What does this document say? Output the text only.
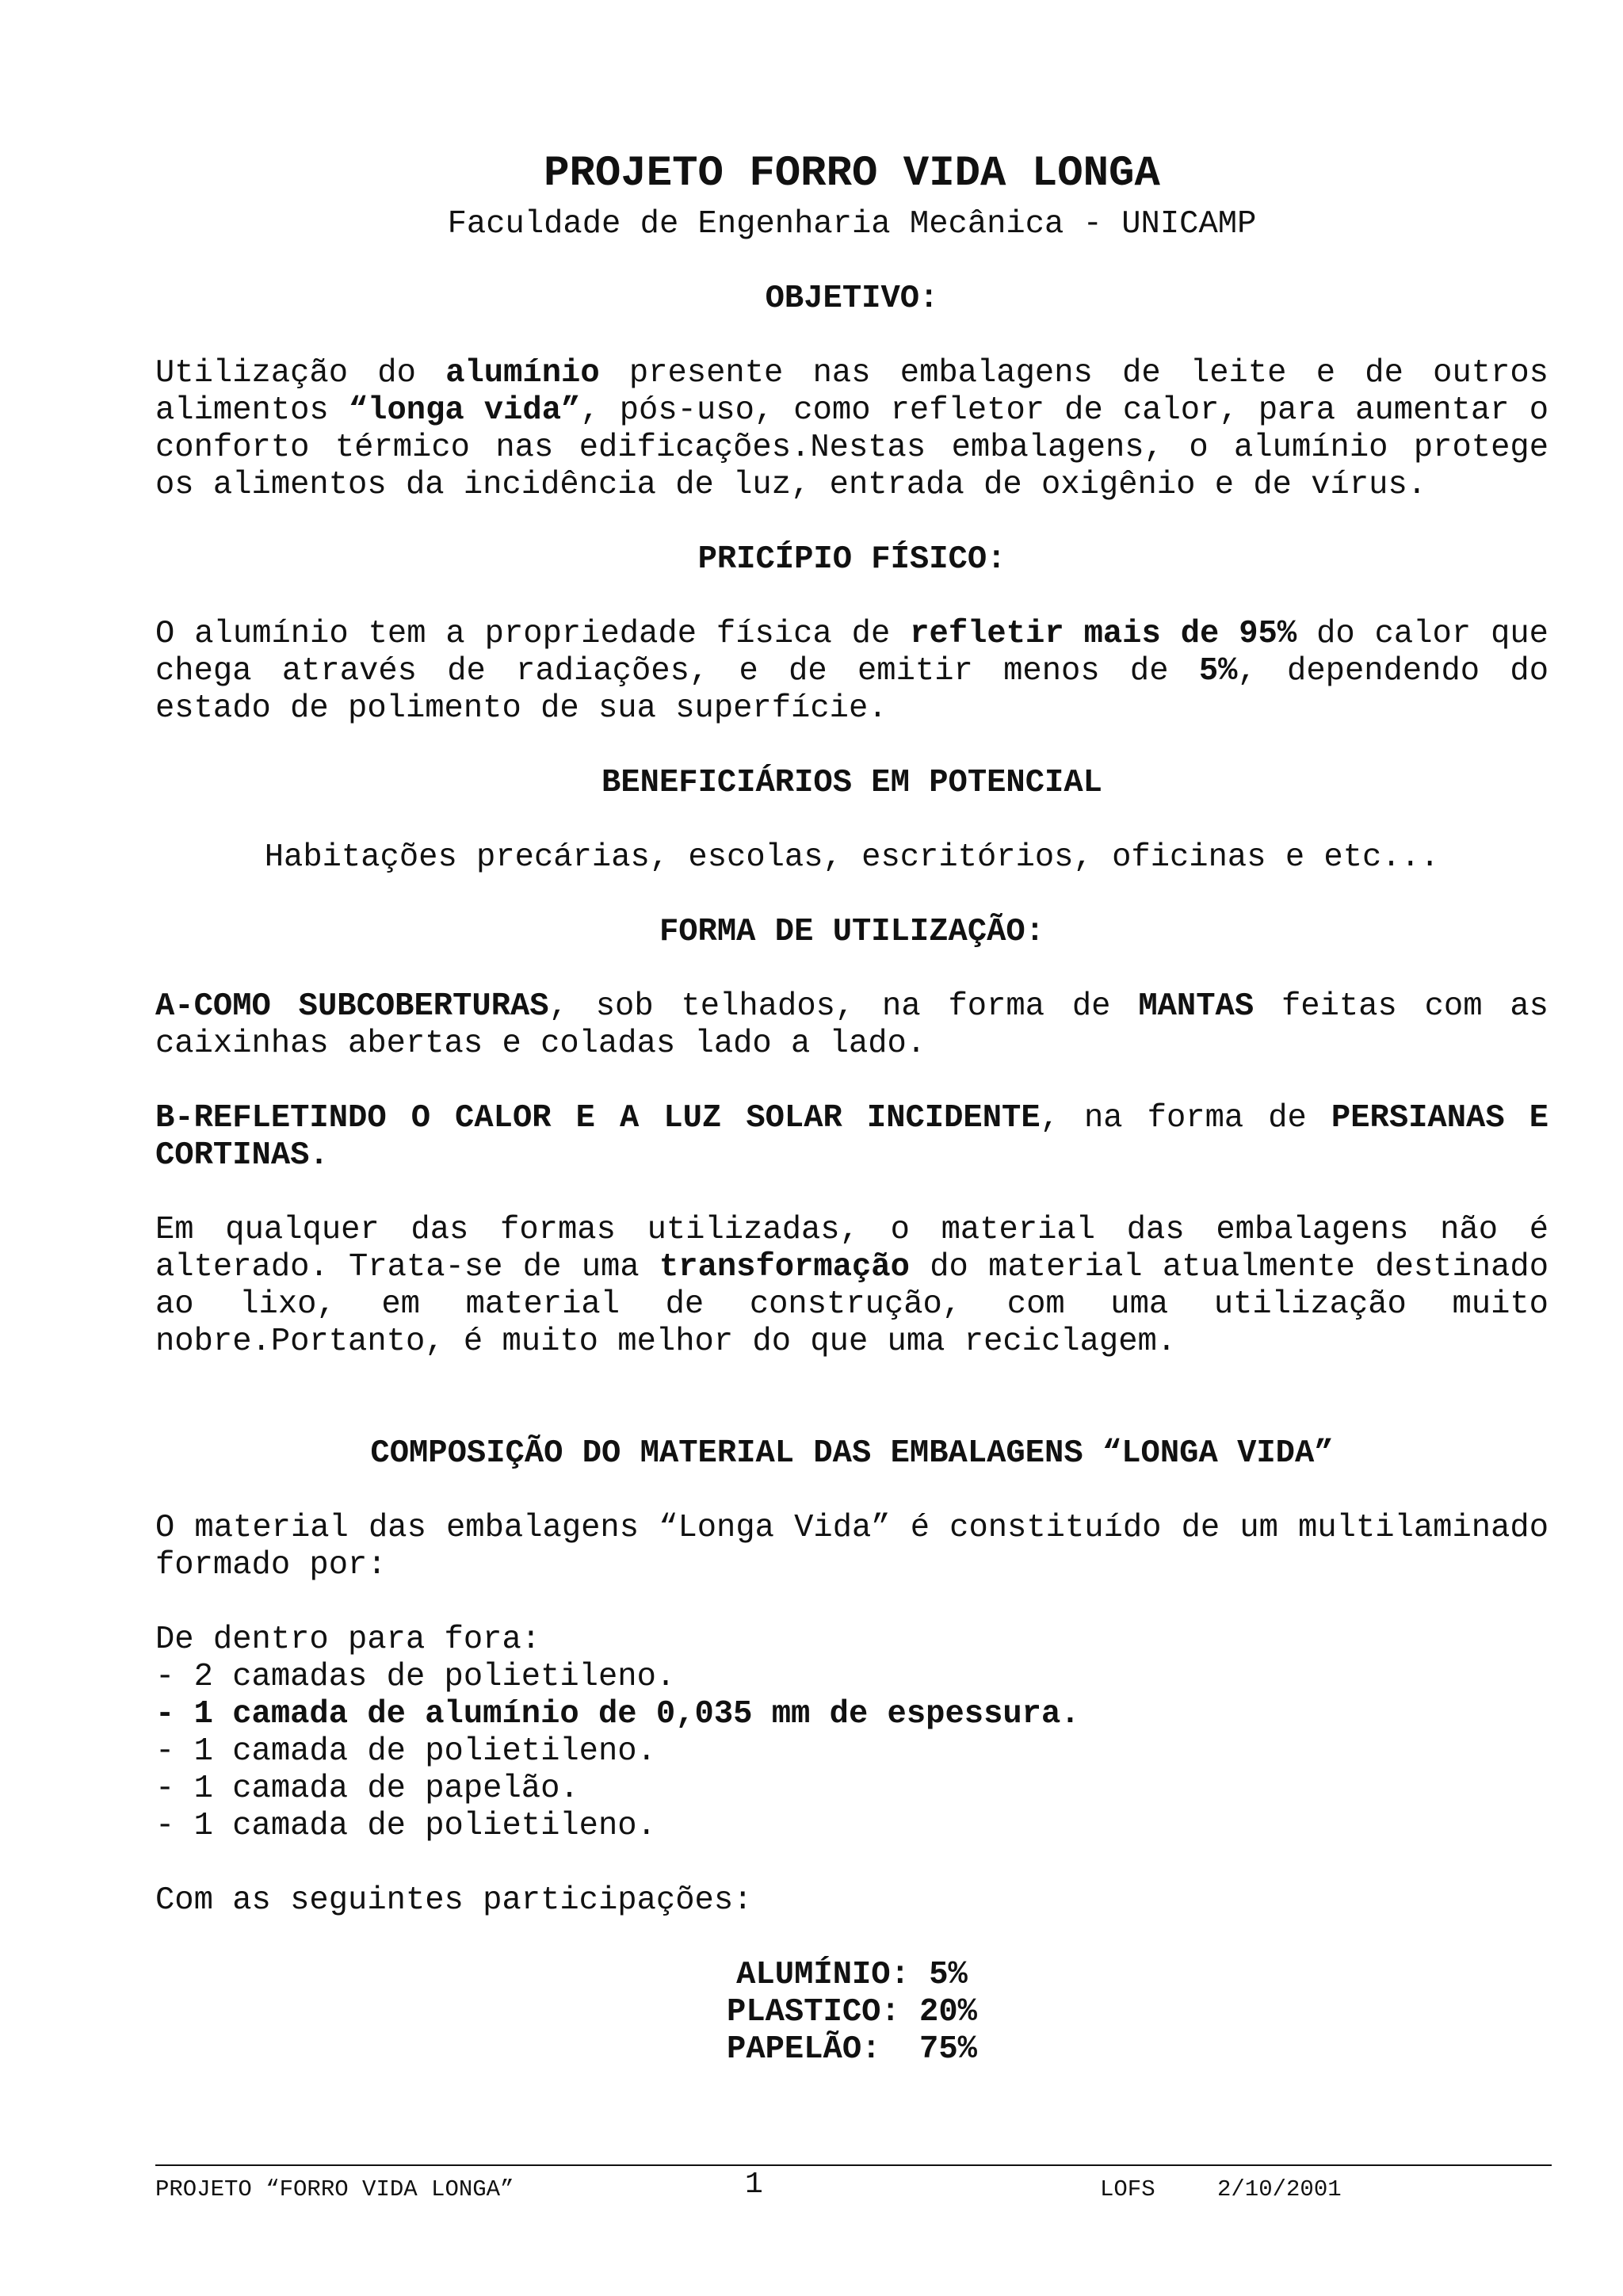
PROJETO FORRO VIDA LONGA

Faculdade de Engenharia Mecânica - UNICAMP

OBJETIVO:

Utilização do alumínio presente nas embalagens de leite e de outros alimentos “longa vida”, pós-uso, como refletor de calor, para aumentar o conforto térmico nas edificações.Nestas embalagens, o alumínio protege os alimentos da incidência de luz, entrada de oxigênio e de vírus.

PRICÍPIO FÍSICO:

O alumínio tem a propriedade física de refletir mais de 95% do calor que chega através de radiações, e de emitir menos de 5%, dependendo do estado de polimento de sua superfície.

BENEFICIÁRIOS EM POTENCIAL

Habitações precárias, escolas, escritórios, oficinas e etc...

FORMA DE UTILIZAÇÃO:

A-COMO SUBCOBERTURAS, sob telhados, na forma de MANTAS feitas com as caixinhas abertas e coladas lado a lado.

B-REFLETINDO O CALOR E A LUZ SOLAR INCIDENTE, na forma de PERSIANAS E CORTINAS.

Em qualquer das formas utilizadas, o material das embalagens não é alterado. Trata-se de uma transformação do material atualmente destinado ao lixo, em material de construção, com uma utilização muito nobre.Portanto, é muito melhor do que uma reciclagem.

COMPOSIÇÃO DO MATERIAL DAS EMBALAGENS “LONGA VIDA”

O material das embalagens “Longa Vida” é constituído de um multilaminado formado por:

De dentro para fora:

- 2 camadas de polietileno.

- 1 camada de alumínio de 0,035 mm de espessura.

- 1 camada de polietileno.

- 1 camada de papelão.

- 1 camada de polietileno.

Com as seguintes participações:

ALUMÍNIO: 5%

PLASTICO: 20%

PAPELÃO:  75%

PROJETO “FORRO VIDA LONGA”	1	LOFS	2/10/2001
